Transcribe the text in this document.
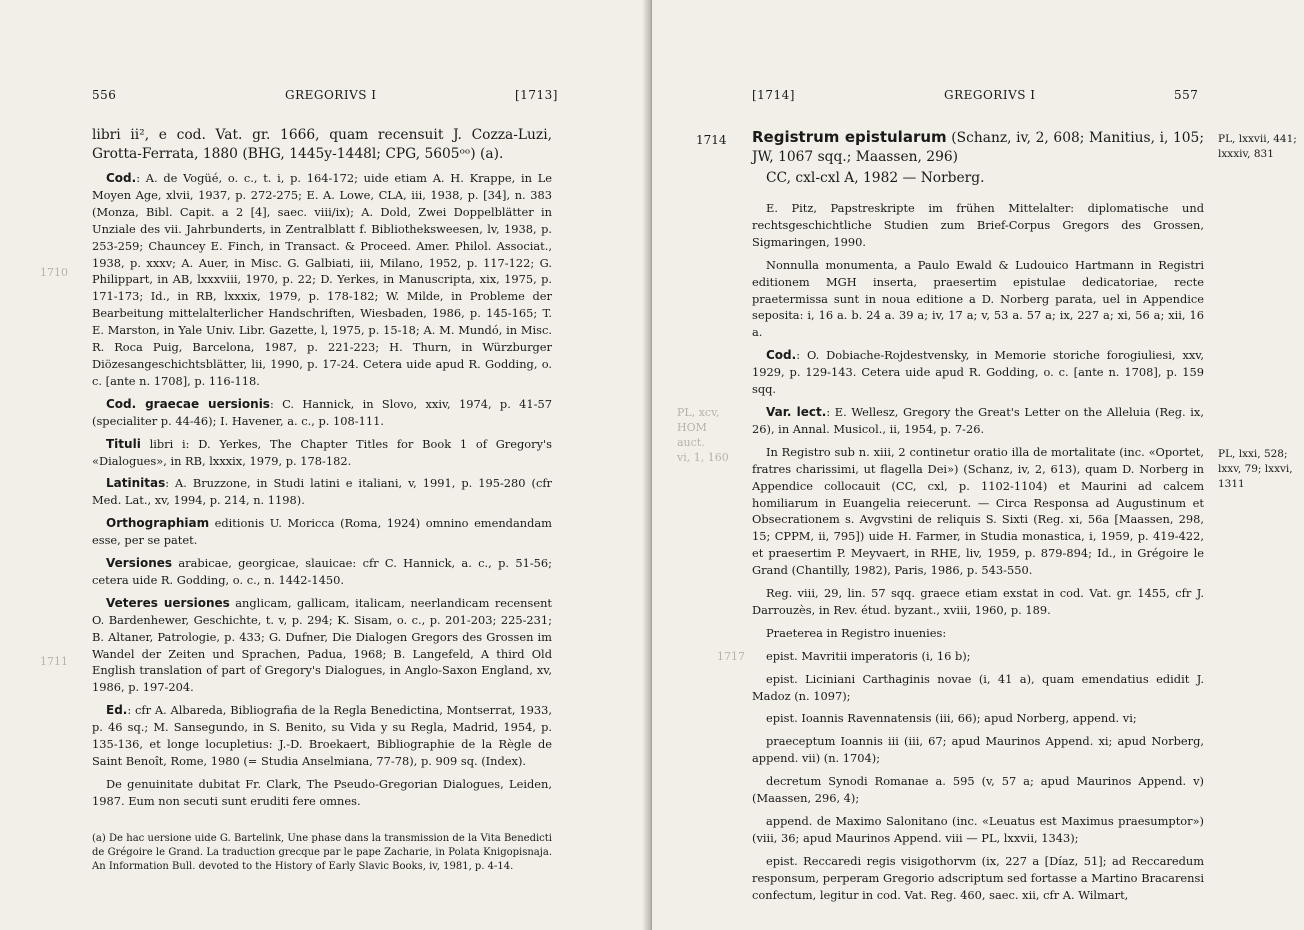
1710
1711
556	GREGORIVS I	[1713]

libri ii², e cod. Vat. gr. 1666, quam recensuit J. Cozza-Luzi, Grotta-Ferrata, 1880 (BHG, 1445y-1448l; CPG, 5605ᵒᵒ) (a).

Cod.: A. de Vogüé, o. c., t. i, p. 164-172; uide etiam A. H. Krappe, in Le Moyen Age, xlvii, 1937, p. 272-275; E. A. Lowe, CLA, iii, 1938, p. [34], n. 383 (Monza, Bibl. Capit. a 2 [4], saec. viii/ix); A. Dold, Zwei Doppelblätter in Unziale des vii. Jahrbunderts, in Zentralblatt f. Bibliotheksweesen, lv, 1938, p. 253-259; Chauncey E. Finch, in Transact. & Proceed. Amer. Philol. Associat., 1938, p. xxxv; A. Auer, in Misc. G. Galbiati, iii, Milano, 1952, p. 117-122; G. Philippart, in AB, lxxxviii, 1970, p. 22; D. Yerkes, in Manuscripta, xix, 1975, p. 171-173; Id., in RB, lxxxix, 1979, p. 178-182; W. Milde, in Probleme der Bearbeitung mittelalterlicher Handschriften, Wiesbaden, 1986, p. 145-165; T. E. Marston, in Yale Univ. Libr. Gazette, l, 1975, p. 15-18; A. M. Mundó, in Misc. R. Roca Puig, Barcelona, 1987, p. 221-223; H. Thurn, in Würzburger Diözesangeschichtsblätter, lii, 1990, p. 17-24. Cetera uide apud R. Godding, o. c. [ante n. 1708], p. 116-118.

Cod. graecae uersionis: C. Hannick, in Slovo, xxiv, 1974, p. 41-57 (specialiter p. 44-46); I. Havener, a. c., p. 108-111.

Tituli libri i: D. Yerkes, The Chapter Titles for Book 1 of Gregory's «Dialogues», in RB, lxxxix, 1979, p. 178-182.

Latinitas: A. Bruzzone, in Studi latini e italiani, v, 1991, p. 195-280 (cfr Med. Lat., xv, 1994, p. 214, n. 1198).

Orthographiam editionis U. Moricca (Roma, 1924) omnino emendandam esse, per se patet.

Versiones arabicae, georgicae, slauicae: cfr C. Hannick, a. c., p. 51-56; cetera uide R. Godding, o. c., n. 1442-1450.

Veteres uersiones anglicam, gallicam, italicam, neerlandicam recensent O. Bardenhewer, Geschichte, t. v, p. 294; K. Sisam, o. c., p. 201-203; 225-231; B. Altaner, Patrologie, p. 433; G. Dufner, Die Dialogen Gregors des Grossen im Wandel der Zeiten und Sprachen, Padua, 1968; B. Langefeld, A third Old English translation of part of Gregory's Dialogues, in Anglo-Saxon England, xv, 1986, p. 197-204.

Ed.: cfr A. Albareda, Bibliografia de la Regla Benedictina, Montserrat, 1933, p. 46 sq.; M. Sansegundo, in S. Benito, su Vida y su Regla, Madrid, 1954, p. 135-136, et longe locupletius: J.-D. Broekaert, Bibliographie de la Règle de Saint Benoît, Rome, 1980 (= Studia Anselmiana, 77-78), p. 909 sq. (Index).

De genuinitate dubitat Fr. Clark, The Pseudo-Gregorian Dialogues, Leiden, 1987. Eum non secuti sunt eruditi fere omnes.

(a) De hac uersione uide G. Bartelink, Une phase dans la transmission de la Vita Benedicti de Grégoire le Grand. La traduction grecque par le pape Zacharie, in Polata Knigopisnaja. An Information Bull. devoted to the History of Early Slavic Books, iv, 1981, p. 4-14.
PL, xcv,
HOM
auct.
vi, 1, 160
1717
[1714]	GREGORIVS I	557
1714 Registrum epistularum (Schanz, iv, 2, 608; Manitius, i, 105; JW, 1067 sqq.; Maassen, 296)
CC, cxl-cxl A, 1982 — Norberg.

E. Pitz, Papstreskripte im frühen Mittelalter: diplomatische und rechtsgeschichtliche Studien zum Brief-Corpus Gregors des Grossen, Sigmaringen, 1990.

Nonnulla monumenta, a Paulo Ewald & Ludouico Hartmann in Registri editionem MGH inserta, praesertim epistulae dedicatoriae, recte praetermissa sunt in noua editione a D. Norberg parata, uel in Appendice seposita: i, 16 a. b. 24 a. 39 a; iv, 17 a; v, 53 a. 57 a; ix, 227 a; xi, 56 a; xii, 16 a.

Cod.: O. Dobiache-Rojdestvensky, in Memorie storiche forogiuliesi, xxv, 1929, p. 129-143. Cetera uide apud R. Godding, o. c. [ante n. 1708], p. 159 sqq.

Var. lect.: E. Wellesz, Gregory the Great's Letter on the Alleluia (Reg. ix, 26), in Annal. Musicol., ii, 1954, p. 7-26.

In Registro sub n. xiii, 2 continetur oratio illa de mortalitate (inc. «Oportet, fratres charissimi, ut flagella Dei») (Schanz, iv, 2, 613), quam D. Norberg in Appendice collocauit (CC, cxl, p. 1102-1104) et Maurini ad calcem homiliarum in Euangelia reiecerunt. — Circa Responsa ad Augustinum et Obsecrationem s. Avgvstini de reliquis S. Sixti (Reg. xi, 56a [Maassen, 298, 15; CPPM, ii, 795]) uide H. Farmer, in Studia monastica, i, 1959, p. 419-422, et praesertim P. Meyvaert, in RHE, liv, 1959, p. 879-894; Id., in Grégoire le Grand (Chantilly, 1982), Paris, 1986, p. 543-550.

Reg. viii, 29, lin. 57 sqq. graece etiam exstat in cod. Vat. gr. 1455, cfr J. Darrouzès, in Rev. étud. byzant., xviii, 1960, p. 189.

Praeterea in Registro inuenies:

epist. Mavritii imperatoris (i, 16 b);

epist. Liciniani Carthaginis novae (i, 41 a), quam emendatius edidit J. Madoz (n. 1097);

epist. Ioannis Ravennatensis (iii, 66); apud Norberg, append. vi;

praeceptum Ioannis iii (iii, 67; apud Maurinos Append. xi; apud Norberg, append. vii) (n. 1704);

decretum Synodi Romanae a. 595 (v, 57 a; apud Maurinos Append. v) (Maassen, 296, 4);

append. de Maximo Salonitano (inc. «Leuatus est Maximus praesumptor») (viii, 36; apud Maurinos Append. viii — PL, lxxvii, 1343);

epist. Reccaredi regis visigothorvm (ix, 227 a [Díaz, 51]; ad Reccaredum responsum, perperam Gregorio adscriptum sed fortasse a Martino Bracarensi confectum, legitur in cod. Vat. Reg. 460, saec. xii, cfr A. Wilmart,

PL, lxxvii, 441; lxxxiv, 831
PL, lxxi, 528; lxxv, 79; lxxvi, 1311
